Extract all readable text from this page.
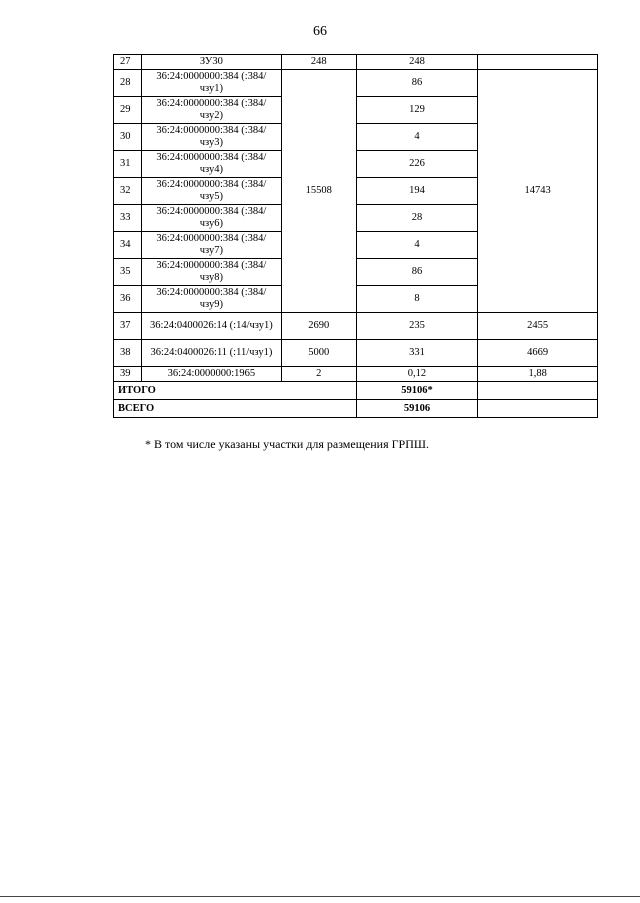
66
27	ЗУ30	248	248	
28	36:24:0000000:384 (:384/чзу1)	15508	86	14743
29	36:24:0000000:384 (:384/чзу2)		129	
30	36:24:0000000:384 (:384/чзу3)		4	
31	36:24:0000000:384 (:384/чзу4)		226	
32	36:24:0000000:384 (:384/чзу5)		194	
33	36:24:0000000:384 (:384/чзу6)		28	
34	36:24:0000000:384 (:384/чзу7)		4	
35	36:24:0000000:384 (:384/чзу8)		86	
36	36:24:0000000:384 (:384/чзу9)		8	
37	36:24:0400026:14 (:14/чзу1)	2690	235	2455
38	36:24:0400026:11 (:11/чзу1)	5000	331	4669
39	36:24:0000000:1965	2	0,12	1,88
ИТОГО			59106*	
ВСЕГО			59106	
* В том числе указаны участки для размещения ГРПШ.
